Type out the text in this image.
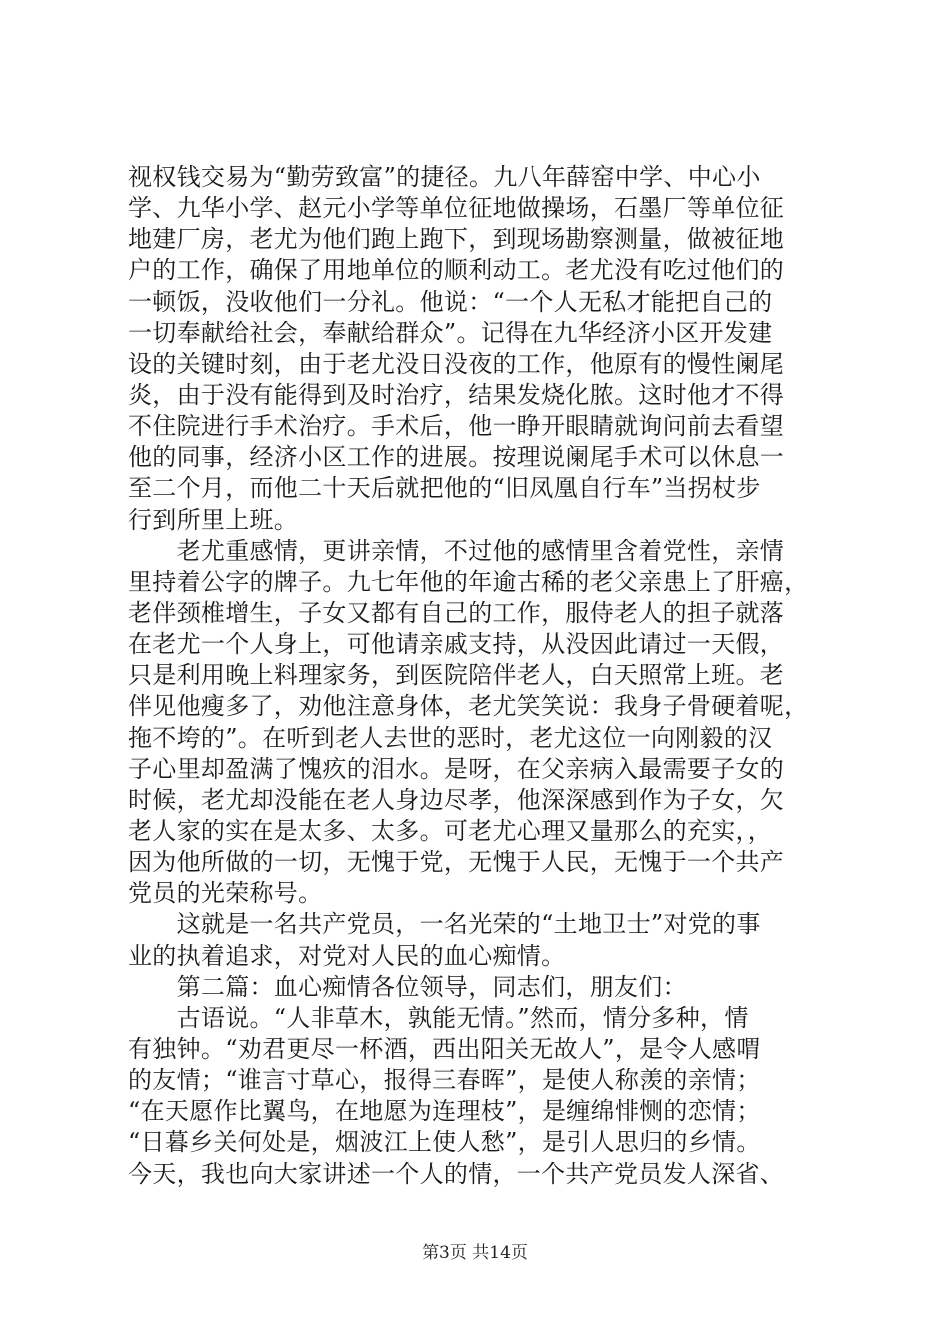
视权钱交易为“勤劳致富”的捷径。九八年薛窑中学、中心小
学、九华小学、赵元小学等单位征地做操场，石墨厂等单位征
地建厂房，老尤为他们跑上跑下，到现场勘察测量，做被征地
户的工作，确保了用地单位的顺利动工。老尤没有吃过他们的
一顿饭，没收他们一分礼。他说：“一个人无私才能把自己的
一切奉献给社会，奉献给群众”。记得在九华经济小区开发建
设的关键时刻，由于老尤没日没夜的工作，他原有的慢性阑尾
炎，由于没有能得到及时治疗，结果发烧化脓。这时他才不得
不住院进行手术治疗。手术后，他一睁开眼睛就询问前去看望
他的同事，经济小区工作的进展。按理说阑尾手术可以休息一
至二个月，而他二十天后就把他的“旧凤凰自行车”当拐杖步
行到所里上班。
　　老尤重感情，更讲亲情，不过他的感情里含着党性，亲情
里持着公字的牌子。九七年他的年逾古稀的老父亲患上了肝癌，
老伴颈椎增生，子女又都有自己的工作，服侍老人的担子就落
在老尤一个人身上，可他请亲戚支持，从没因此请过一天假，
只是利用晚上料理家务，到医院陪伴老人，白天照常上班。老
伴见他瘦多了，劝他注意身体，老尤笑笑说：我身子骨硬着呢，
拖不垮的”。在听到老人去世的恶时，老尤这位一向刚毅的汉
子心里却盈满了愧疚的泪水。是呀，在父亲病入最需要子女的
时候，老尤却没能在老人身边尽孝，他深深感到作为子女，欠
老人家的实在是太多、太多。可老尤心理又量那么的充实，，
因为他所做的一切，无愧于党，无愧于人民，无愧于一个共产
党员的光荣称号。
　　这就是一名共产党员，一名光荣的“土地卫士”对党的事
业的执着追求，对党对人民的血心痴情。
　　第二篇：血心痴情各位领导，同志们，朋友们：
　　古语说。“人非草木，孰能无情。”然而，情分多种，情
有独钟。“劝君更尽一杯酒，西出阳关无故人”，是令人感喟
的友情；“谁言寸草心，报得三春晖”，是使人称羡的亲情；
“在天愿作比翼鸟，在地愿为连理枝”，是缠绵悱恻的恋情；
“日暮乡关何处是，烟波江上使人愁”，是引人思归的乡情。
今天，我也向大家讲述一个人的情，一个共产党员发人深省、
第3页 共14页
